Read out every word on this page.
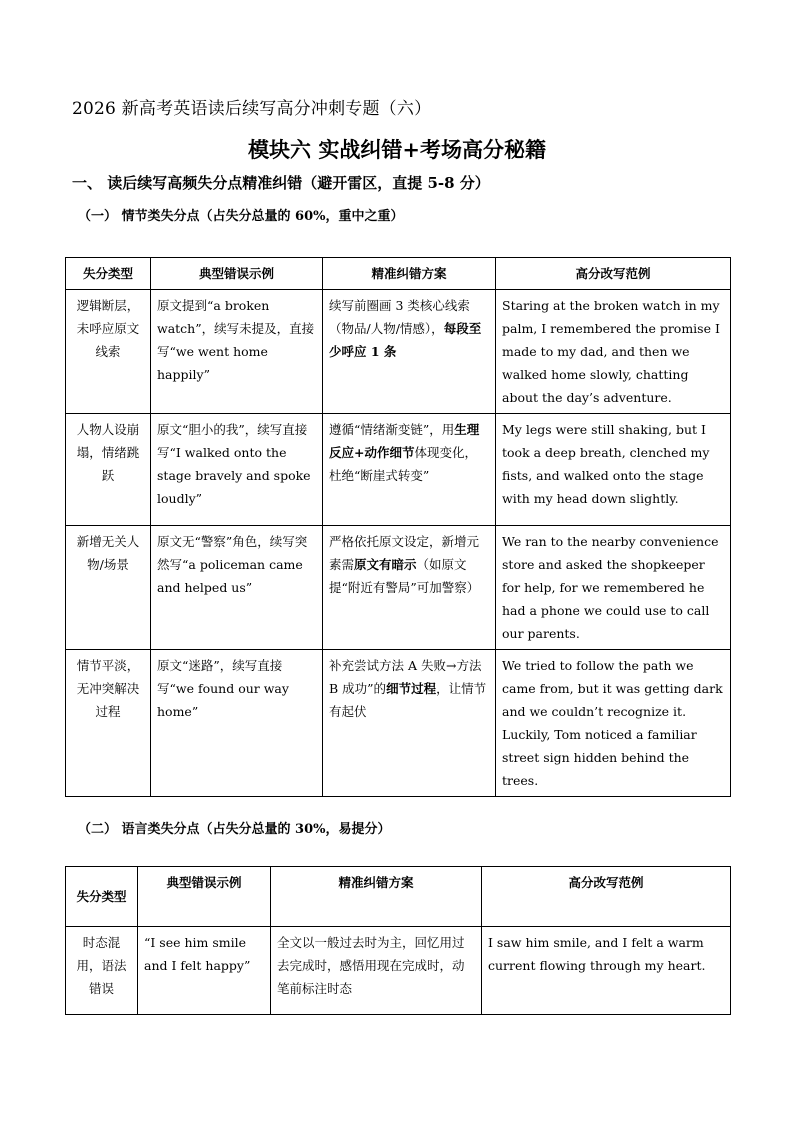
2026 新高考英语读后续写高分冲刺专题（六）
模块六 实战纠错+考场高分秘籍
一、 读后续写高频失分点精准纠错（避开雷区，直提 5-8 分）
（一） 情节类失分点（占失分总量的 60%，重中之重）
失分类型	典型错误示例	精准纠错方案	高分改写范例
逻辑断层，未呼应原文线索	原文提到“a broken watch”，续写未提及，直接写“we went home happily”	续写前圈画 3 类核心线索（物品/人物/情感），每段至少呼应 1 条	Staring at the broken watch in my palm, I remembered the promise I made to my dad, and then we walked home slowly, chatting about the day’s adventure.
人物人设崩塌，情绪跳跃	原文“胆小的我”，续写直接写“I walked onto the stage bravely and spoke loudly”	遵循“情绪渐变链”，用生理反应+动作细节体现变化，杜绝“断崖式转变”	My legs were still shaking, but I took a deep breath, clenched my fists, and walked onto the stage with my head down slightly.
新增无关人物/场景	原文无“警察”角色，续写突然写“a policeman came and helped us”	严格依托原文设定，新增元素需原文有暗示（如原文提“附近有警局”可加警察）	We ran to the nearby convenience store and asked the shopkeeper for help, for we remembered he had a phone we could use to call our parents.
情节平淡，无冲突解决过程	原文“迷路”，续写直接写“we found our way home”	补充尝试方法 A 失败→方法 B 成功”的细节过程，让情节有起伏	We tried to follow the path we came from, but it was getting dark and we couldn’t recognize it. Luckily, Tom noticed a familiar street sign hidden behind the trees.
（二） 语言类失分点（占失分总量的 30%，易提分）
失分类型	典型错误示例	精准纠错方案	高分改写范例
时态混用，语法错误	“I see him smile and I felt happy”	全文以一般过去时为主，回忆用过去完成时，感悟用现在完成时，动笔前标注时态	I saw him smile, and I felt a warm current flowing through my heart.
